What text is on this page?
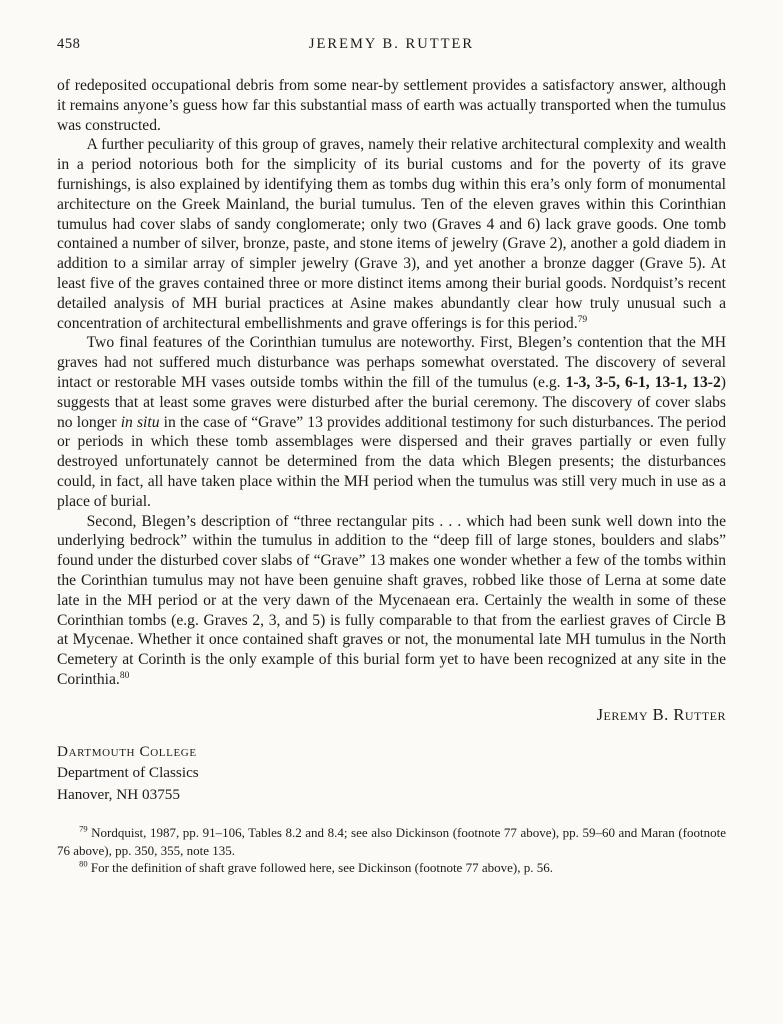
458	JEREMY B. RUTTER

of redeposited occupational debris from some near-by settlement provides a satisfactory answer, although it remains anyone’s guess how far this substantial mass of earth was actually transported when the tumulus was constructed.

A further peculiarity of this group of graves, namely their relative architectural complexity and wealth in a period notorious both for the simplicity of its burial customs and for the poverty of its grave furnishings, is also explained by identifying them as tombs dug within this era’s only form of monumental architecture on the Greek Mainland, the burial tumulus. Ten of the eleven graves within this Corinthian tumulus had cover slabs of sandy conglomerate; only two (Graves 4 and 6) lack grave goods. One tomb contained a number of silver, bronze, paste, and stone items of jewelry (Grave 2), another a gold diadem in addition to a similar array of simpler jewelry (Grave 3), and yet another a bronze dagger (Grave 5). At least five of the graves contained three or more distinct items among their burial goods. Nordquist’s recent detailed analysis of MH burial practices at Asine makes abundantly clear how truly unusual such a concentration of architectural embellishments and grave offerings is for this period.$^{79}$

Two final features of the Corinthian tumulus are noteworthy. First, Blegen’s contention that the MH graves had not suffered much disturbance was perhaps somewhat overstated. The discovery of several intact or restorable MH vases outside tombs within the fill of the tumulus (e.g. 1-3, 3-5, 6-1, 13-1, 13-2) suggests that at least some graves were disturbed after the burial ceremony. The discovery of cover slabs no longer in situ in the case of “Grave” 13 provides additional testimony for such disturbances. The period or periods in which these tomb assemblages were dispersed and their graves partially or even fully destroyed unfortunately cannot be determined from the data which Blegen presents; the disturbances could, in fact, all have taken place within the MH period when the tumulus was still very much in use as a place of burial.

Second, Blegen’s description of “three rectangular pits . . . which had been sunk well down into the underlying bedrock” within the tumulus in addition to the “deep fill of large stones, boulders and slabs” found under the disturbed cover slabs of “Grave” 13 makes one wonder whether a few of the tombs within the Corinthian tumulus may not have been genuine shaft graves, robbed like those of Lerna at some date late in the MH period or at the very dawn of the Mycenaean era. Certainly the wealth in some of these Corinthian tombs (e.g. Graves 2, 3, and 5) is fully comparable to that from the earliest graves of Circle B at Mycenae. Whether it once contained shaft graves or not, the monumental late MH tumulus in the North Cemetery at Corinth is the only example of this burial form yet to have been recognized at any site in the Corinthia.$^{80}$

Jeremy B. Rutter
Dartmouth College
Department of Classics
Hanover, NH 03755

$^{79}$ Nordquist, 1987, pp. 91–106, Tables 8.2 and 8.4; see also Dickinson (footnote 77 above), pp. 59–60 and Maran (footnote 76 above), pp. 350, 355, note 135.

$^{80}$ For the definition of shaft grave followed here, see Dickinson (footnote 77 above), p. 56.
